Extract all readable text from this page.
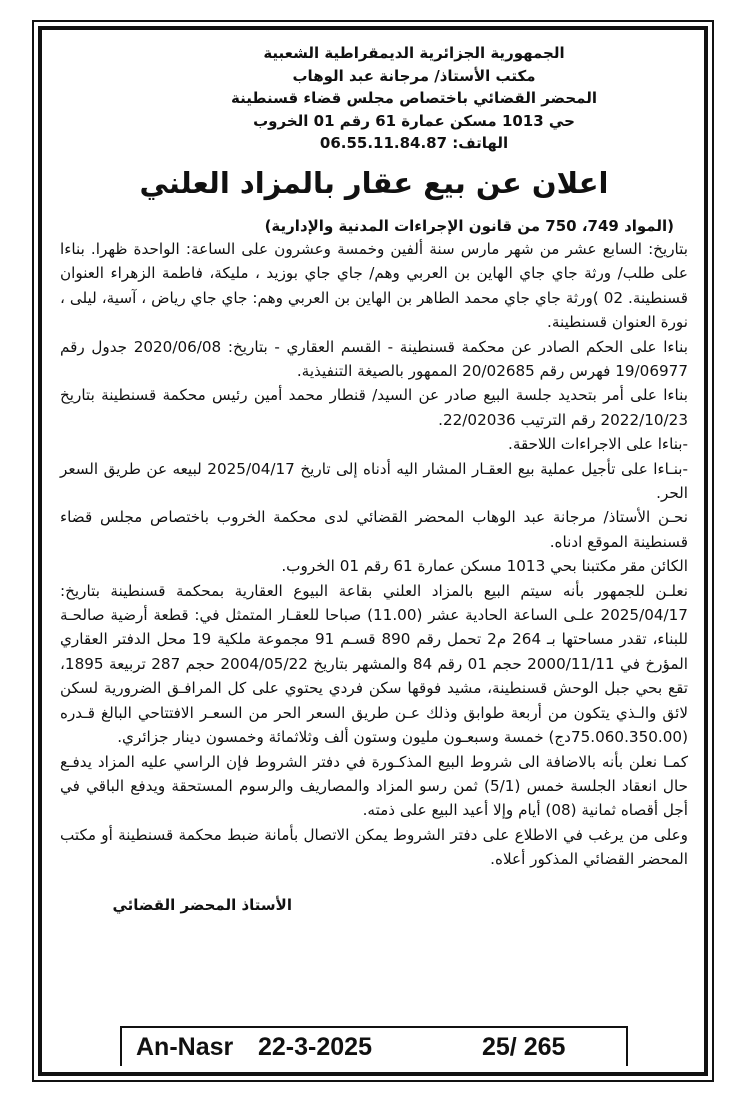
الجمهورية الجزائرية الديمقراطية الشعبية
مكتب الأستاذ/ مرجانة عبد الوهاب
المحضر القضائي باختصاص مجلس قضاء قسنطينة
حي 1013 مسكن عمارة 61 رقم 01 الخروب
الهاتف: 06.55.11.84.87
اعلان عن بيع عقار بالمزاد العلني
(المواد 749، 750 من قانون الإجراءات المدنية والإدارية)
بتاريخ: السابع عشر من شهر مارس سنة ألفين وخمسة وعشرون على الساعة: الواحدة ظهرا. بناءا على طلب/ ورثة جاي جاي الهاين بن العربي وهم/ جاي جاي بوزيد ، مليكة، فاطمة الزهراء العنوان قسنطينة. 02 )ورثة جاي جاي محمد الطاهر بن الهاين بن العربي وهم: جاي جاي رياض ، آسية، ليلى ، نورة العنوان قسنطينة.
بناءا على الحكم الصادر عن محكمة قسنطينة - القسم العقاري - بتاريخ: 2020/06/08 جدول رقم 19/06977 فهرس رقم 20/02685 الممهور بالصيغة التنفيذية.
بناءا على أمر بتحديد جلسة البيع صادر عن السيد/ قنطار محمد أمين رئيس محكمة قسنطينة بتاريخ 2022/10/23 رقم الترتيب 22/02036.
-بناءا على الاجراءات اللاحقة.
-بنـاءا على تأجيل عملية بيع العقـار المشار اليه أدناه إلى تاريخ 2025/04/17 لبيعه عن طريق السعر الحر.
نحـن الأستاذ/ مرجانة عبد الوهاب المحضر القضائي لدى محكمة الخروب باختصاص مجلس قضاء قسنطينة الموقع ادناه.
الكائن مقر مكتبنا بحي 1013 مسكن عمارة 61 رقم 01 الخروب.
نعلـن للجمهور بأنه سيتم البيع بالمزاد العلني بقاعة البيوع العقارية بمحكمة قسنطينة بتاريخ: 2025/04/17 علـى الساعة الحادية عشر (11.00) صباحا للعقـار المتمثل في: قطعة أرضية صالحـة للبناء، تقدر مساحتها بـ 264 م2 تحمل رقم 890 قسـم 91 مجموعة ملكية 19 محل الدفتر العقاري المؤرخ في 2000/11/11 حجم 01 رقم 84 والمشهر بتاريخ 2004/05/22 حجم 287 تربيعة 1895، تقع بحي جبل الوحش قسنطينة، مشيد فوقها سكن فردي يحتوي على كل المرافـق الضرورية لسكن لائق والـذي يتكون من أربعة طوابق وذلك عـن طريق السعر الحر من السعـر الافتتاحي البالغ قـدره (75.060.350.00دج) خمسة وسبعـون مليون وستون ألف وثلاثمائة وخمسون دينار جزائري.
كمـا نعلن بأنه بالاضافة الى شروط البيع المذكـورة في دفتر الشروط فإن الراسي عليه المزاد يدفـع حال انعقاد الجلسة خمس (5/1) ثمن رسو المزاد والمصاريف والرسوم المستحقة ويدفع الباقي في أجل أقصاه ثمانية (08) أيام وإلا أعيد البيع على ذمته.
وعلى من يرغب في الاطلاع على دفتر الشروط يمكن الاتصال بأمانة ضبط محكمة قسنطينة أو مكتب المحضر القضائي المذكور أعلاه.
الأستاذ المحضر القضائي
An-Nasr 22-3-2025	25/ 265
